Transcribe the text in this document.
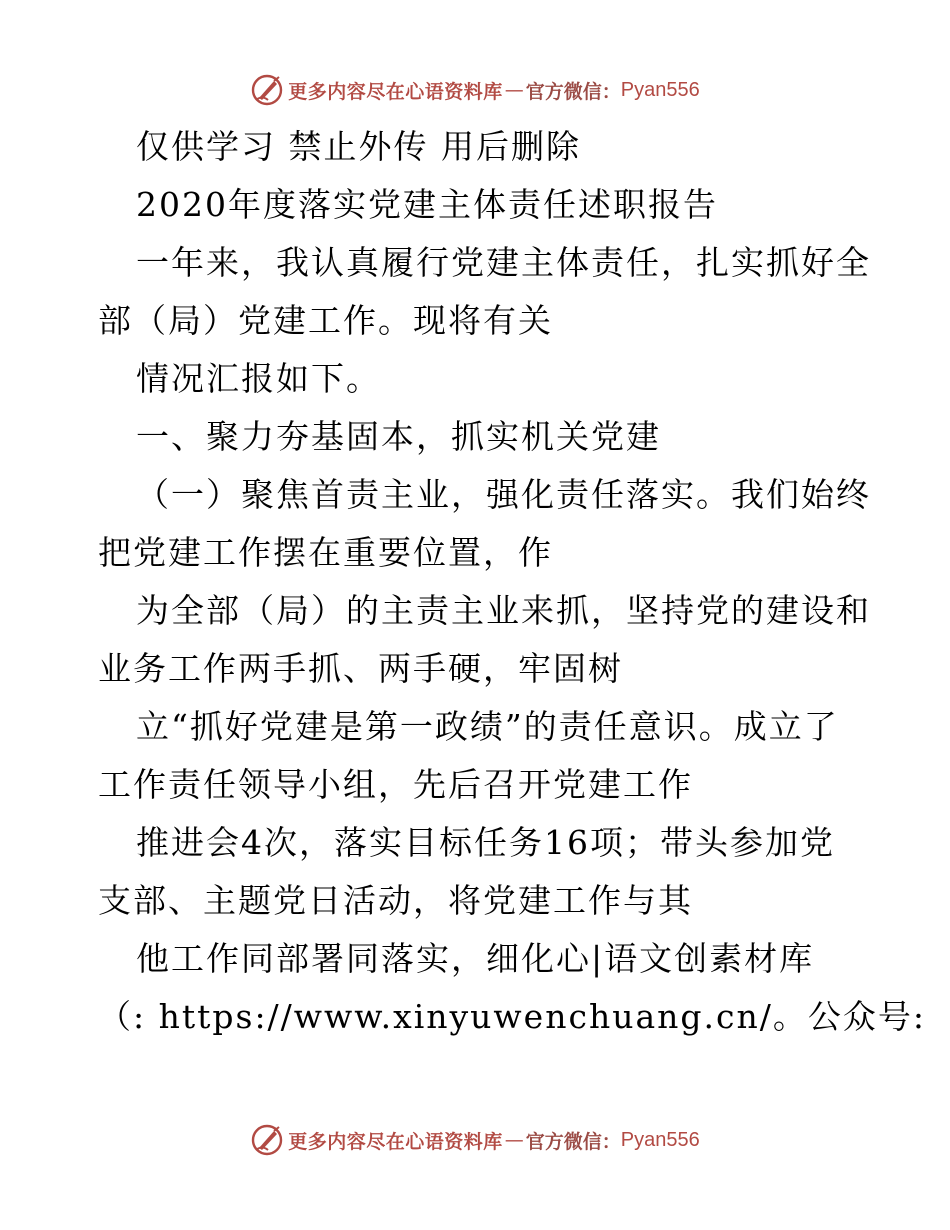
更多内容尽在心语资料库 — 官方微信： Pyan556
仅供学习 禁止外传 用后删除
2020年度落实党建主体责任述职报告
一年来，我认真履行党建主体责任，扎实抓好全
部（局）党建工作。现将有关
情况汇报如下。
一、聚力夯基固本，抓实机关党建
（一）聚焦首责主业，强化责任落实。我们始终
把党建工作摆在重要位置，作
为全部（局）的主责主业来抓，坚持党的建设和
业务工作两手抓、两手硬，牢固树
立“抓好党建是第一政绩”的责任意识。成立了
工作责任领导小组，先后召开党建工作
推进会4次，落实目标任务16项；带头参加党
支部、主题党日活动，将党建工作与其
他工作同部署同落实，细化心|语文创素材库
（: https://www.xinyuwenchuang.cn/。公众号:
更多内容尽在心语资料库 — 官方微信： Pyan556
